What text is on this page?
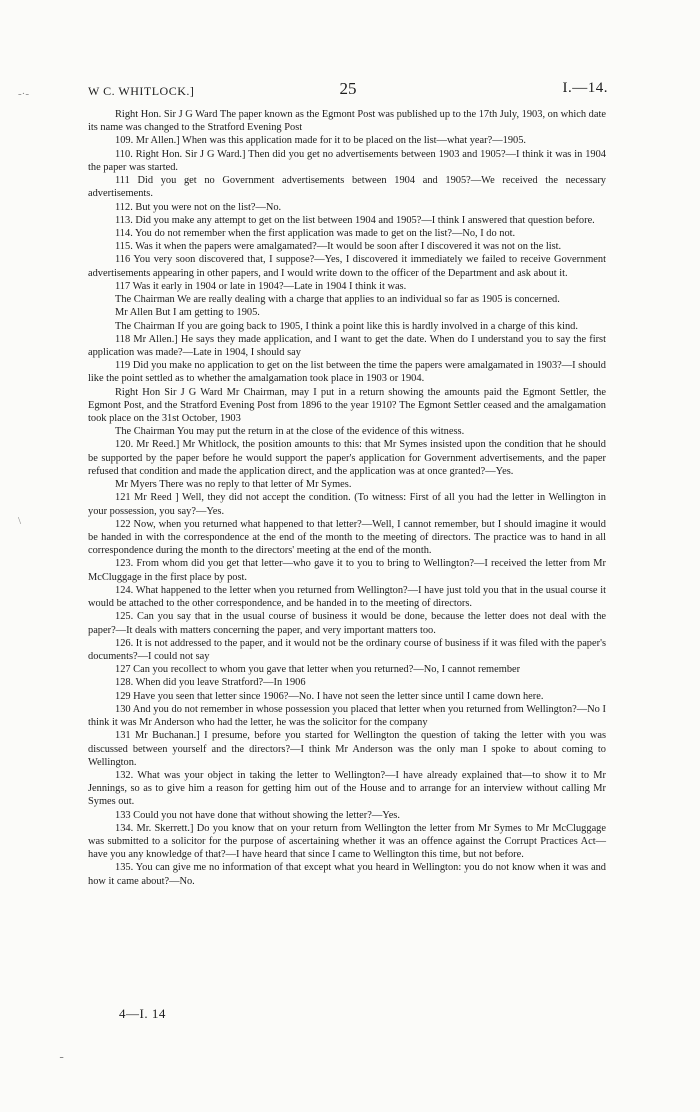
W C. WHITLOCK.]	25	I.—14.

Right Hon. Sir J G Ward The paper known as the Egmont Post was published up to the 17th July, 1903, on which date its name was changed to the Stratford Evening Post

109. Mr Allen.] When was this application made for it to be placed on the list—what year?—1905.

110. Right Hon. Sir J G Ward.] Then did you get no advertisements between 1903 and 1905?—I think it was in 1904 the paper was started.

111 Did you get no Government advertisements between 1904 and 1905?—We received the necessary advertisements.

112. But you were not on the list?—No.

113. Did you make any attempt to get on the list between 1904 and 1905?—I think I answered that question before.

114. You do not remember when the first application was made to get on the list?—No, I do not.

115. Was it when the papers were amalgamated?—It would be soon after I discovered it was not on the list.

116 You very soon discovered that, I suppose?—Yes, I discovered it immediately we failed to receive Government advertisements appearing in other papers, and I would write down to the officer of the Department and ask about it.

117 Was it early in 1904 or late in 1904?—Late in 1904 I think it was.

The Chairman We are really dealing with a charge that applies to an individual so far as 1905 is concerned.

Mr Allen But I am getting to 1905.

The Chairman If you are going back to 1905, I think a point like this is hardly involved in a charge of this kind.

118 Mr Allen.] He says they made application, and I want to get the date. When do I understand you to say the first application was made?—Late in 1904, I should say

119 Did you make no application to get on the list between the time the papers were amalgamated in 1903?—I should like the point settled as to whether the amalgamation took place in 1903 or 1904.

Right Hon Sir J G Ward Mr Chairman, may I put in a return showing the amounts paid the Egmont Settler, the Egmont Post, and the Stratford Evening Post from 1896 to the year 1910? The Egmont Settler ceased and the amalgamation took place on the 31st October, 1903

The Chairman You may put the return in at the close of the evidence of this witness.

120. Mr Reed.] Mr Whitlock, the position amounts to this: that Mr Symes insisted upon the condition that he should be supported by the paper before he would support the paper's application for Government advertisements, and the paper refused that condition and made the application direct, and the application was at once granted?—Yes.

Mr Myers There was no reply to that letter of Mr Symes.

121 Mr Reed ] Well, they did not accept the condition. (To witness: First of all you had the letter in Wellington in your possession, you say?—Yes.

122 Now, when you returned what happened to that letter?—Well, I cannot remember, but I should imagine it would be handed in with the correspondence at the end of the month to the meeting of directors. The practice was to hand in all correspondence during the month to the directors' meeting at the end of the month.

123. From whom did you get that letter—who gave it to you to bring to Wellington?—I received the letter from Mr McCluggage in the first place by post.

124. What happened to the letter when you returned from Wellington?—I have just told you that in the usual course it would be attached to the other correspondence, and be handed in to the meeting of directors.

125. Can you say that in the usual course of business it would be done, because the letter does not deal with the paper?—It deals with matters concerning the paper, and very important matters too.

126. It is not addressed to the paper, and it would not be the ordinary course of business if it was filed with the paper's documents?—I could not say

127 Can you recollect to whom you gave that letter when you returned?—No, I cannot remember

128. When did you leave Stratford?—In 1906

129 Have you seen that letter since 1906?—No. I have not seen the letter since until I came down here.

130 And you do not remember in whose possession you placed that letter when you returned from Wellington?—No I think it was Mr Anderson who had the letter, he was the solicitor for the company

131 Mr Buchanan.] I presume, before you started for Wellington the question of taking the letter with you was discussed between yourself and the directors?—I think Mr Anderson was the only man I spoke to about coming to Wellington.

132. What was your object in taking the letter to Wellington?—I have already explained that—to show it to Mr Jennings, so as to give him a reason for getting him out of the House and to arrange for an interview without calling Mr Symes out.

133 Could you not have done that without showing the letter?—Yes.

134. Mr. Skerrett.] Do you know that on your return from Wellington the letter from Mr Symes to Mr McCluggage was submitted to a solicitor for the purpose of ascertaining whether it was an offence against the Corrupt Practices Act—have you any knowledge of that?—I have heard that since I came to Wellington this time, but not before.

135. You can give me no information of that except what you heard in Wellington: you do not know when it was and how it came about?—No.

4—I. 14
-·-
\
ـ
